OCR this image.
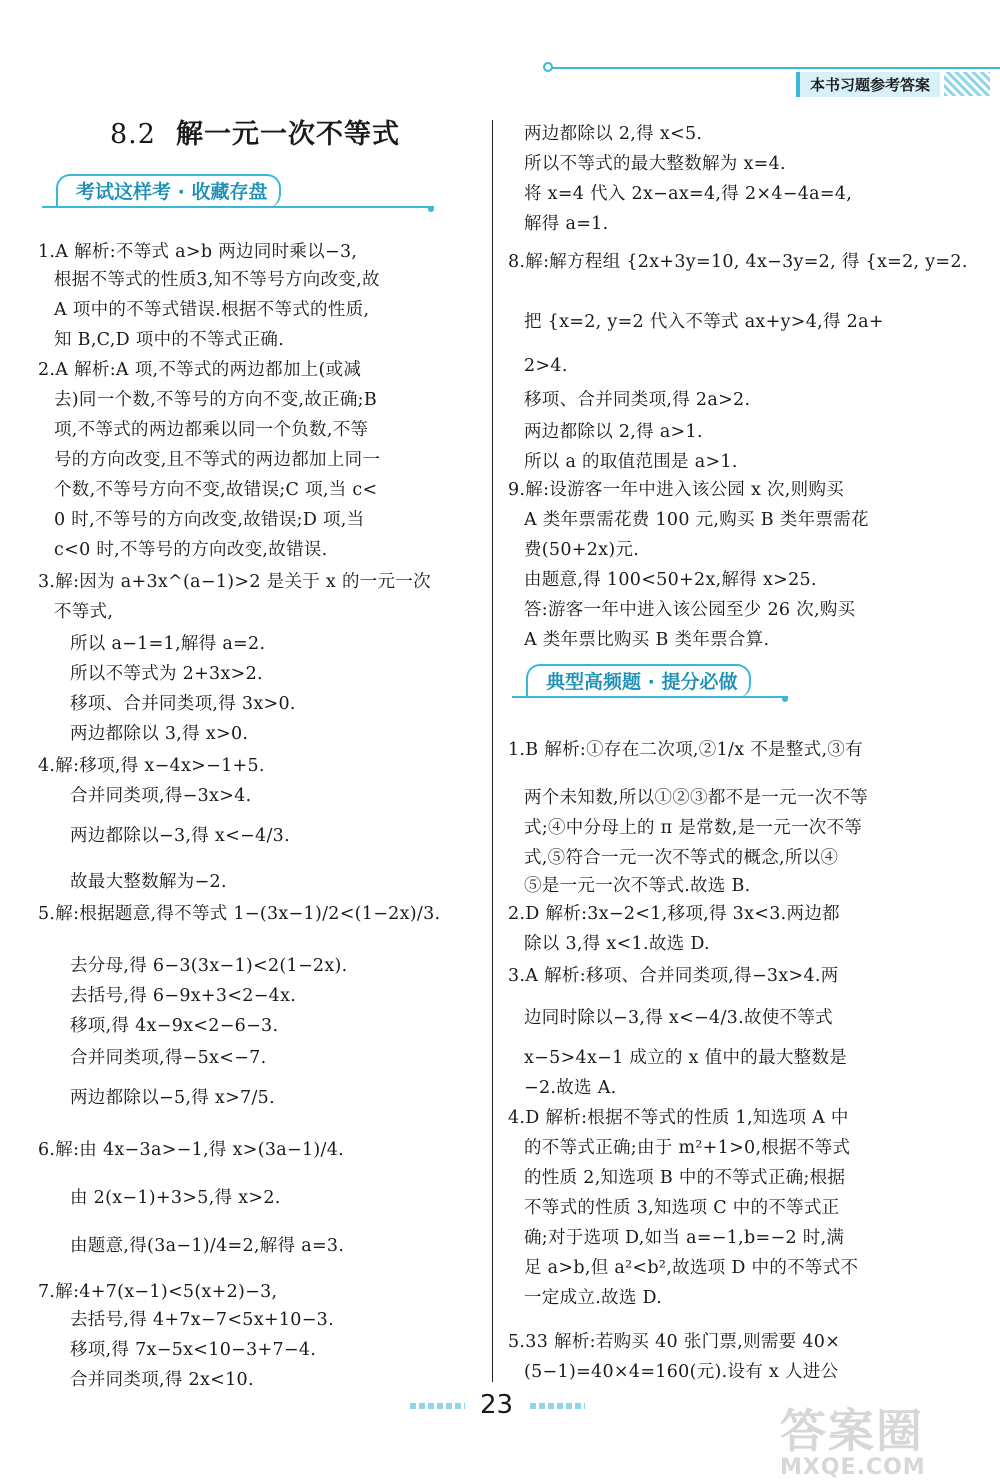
本书习题参考答案
8.2 解一元一次不等式
考试这样考 · 收藏存盘
典型高频题 · 提分必做
1.A 解析:不等式 a>b 两边同时乘以−3,
根据不等式的性质3,知不等号方向改变,故
A 项中的不等式错误.根据不等式的性质,
知 B,C,D 项中的不等式正确.
2.A 解析:A 项,不等式的两边都加上(或减
去)同一个数,不等号的方向不变,故正确;B
项,不等式的两边都乘以同一个负数,不等
号的方向改变,且不等式的两边都加上同一
个数,不等号方向不变,故错误;C 项,当 c<
0 时,不等号的方向改变,故错误;D 项,当
c<0 时,不等号的方向改变,故错误.
3.解:因为 a+3x^(a−1)>2 是关于 x 的一元一次
不等式,
所以 a−1=1,解得 a=2.
所以不等式为 2+3x>2.
移项、合并同类项,得 3x>0.
两边都除以 3,得 x>0.
4.解:移项,得 x−4x>−1+5.
合并同类项,得−3x>4.
两边都除以−3,得 x<−4/3.
故最大整数解为−2.
5.解:根据题意,得不等式 1−(3x−1)/2<(1−2x)/3.
去分母,得 6−3(3x−1)<2(1−2x).
去括号,得 6−9x+3<2−4x.
移项,得 4x−9x<2−6−3.
合并同类项,得−5x<−7.
两边都除以−5,得 x>7/5.
6.解:由 4x−3a>−1,得 x>(3a−1)/4.
由 2(x−1)+3>5,得 x>2.
由题意,得(3a−1)/4=2,解得 a=3.
7.解:4+7(x−1)<5(x+2)−3,
去括号,得 4+7x−7<5x+10−3.
移项,得 7x−5x<10−3+7−4.
合并同类项,得 2x<10.
两边都除以 2,得 x<5.
所以不等式的最大整数解为 x=4.
将 x=4 代入 2x−ax=4,得 2×4−4a=4,
解得 a=1.
8.解:解方程组 {2x+3y=10, 4x−3y=2, 得 {x=2, y=2.
把 {x=2, y=2 代入不等式 ax+y>4,得 2a+
2>4.
移项、合并同类项,得 2a>2.
两边都除以 2,得 a>1.
所以 a 的取值范围是 a>1.
9.解:设游客一年中进入该公园 x 次,则购买
A 类年票需花费 100 元,购买 B 类年票需花
费(50+2x)元.
由题意,得 100<50+2x,解得 x>25.
答:游客一年中进入该公园至少 26 次,购买
A 类年票比购买 B 类年票合算.
1.B 解析:①存在二次项,②1/x 不是整式,③有
两个未知数,所以①②③都不是一元一次不等
式;④中分母上的 π 是常数,是一元一次不等
式,⑤符合一元一次不等式的概念,所以④
⑤是一元一次不等式.故选 B.
2.D 解析:3x−2<1,移项,得 3x<3.两边都
除以 3,得 x<1.故选 D.
3.A 解析:移项、合并同类项,得−3x>4.两
边同时除以−3,得 x<−4/3.故使不等式
x−5>4x−1 成立的 x 值中的最大整数是
−2.故选 A.
4.D 解析:根据不等式的性质 1,知选项 A 中
的不等式正确;由于 m²+1>0,根据不等式
的性质 2,知选项 B 中的不等式正确;根据
不等式的性质 3,知选项 C 中的不等式正
确;对于选项 D,如当 a=−1,b=−2 时,满
足 a>b,但 a²<b²,故选项 D 中的不等式不
一定成立.故选 D.
5.33 解析:若购买 40 张门票,则需要 40×
(5−1)=40×4=160(元).设有 x 人进公
23	答案圈
MXQE.COM
